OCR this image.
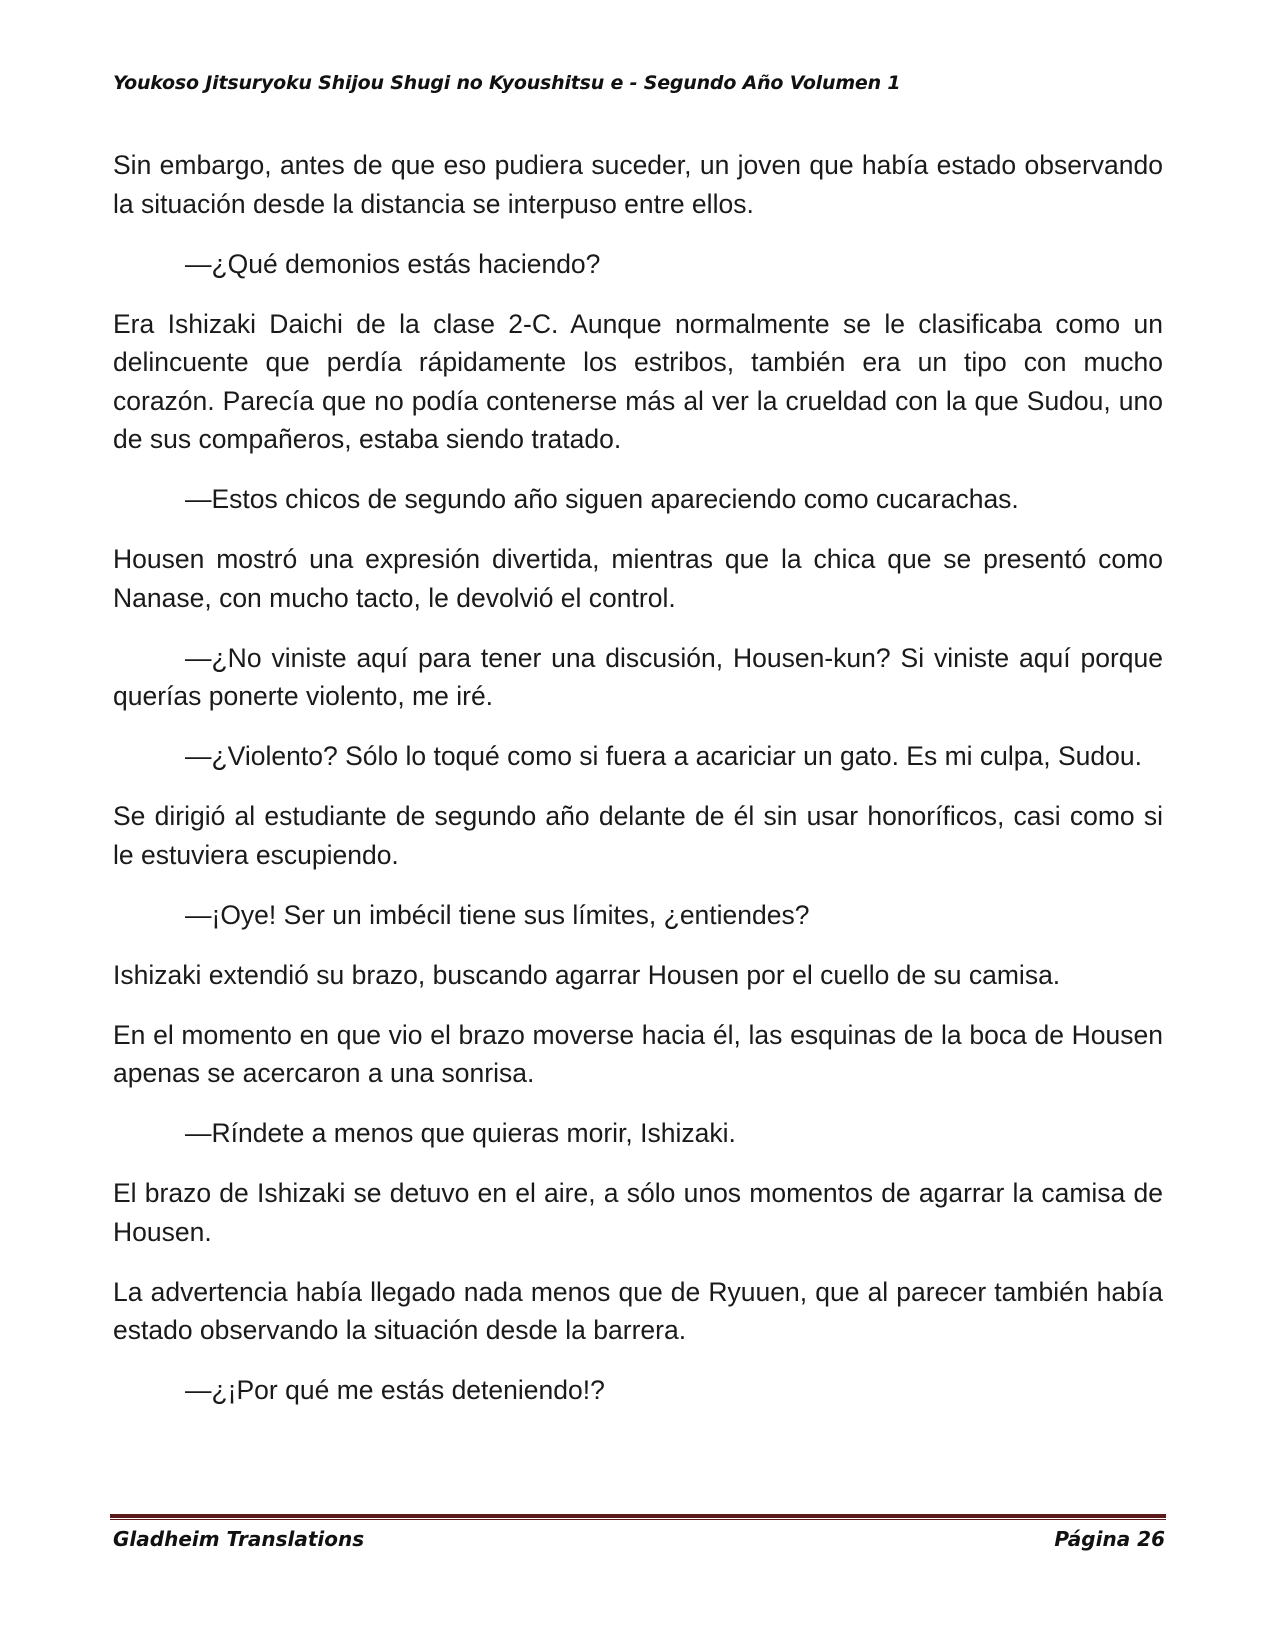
Youkoso Jitsuryoku Shijou Shugi no Kyoushitsu e - Segundo Año Volumen 1

Sin embargo, antes de que eso pudiera suceder, un joven que había estado observando la situación desde la distancia se interpuso entre ellos.

—¿Qué demonios estás haciendo?

Era Ishizaki Daichi de la clase 2-C. Aunque normalmente se le clasificaba como un delincuente que perdía rápidamente los estribos, también era un tipo con mucho corazón. Parecía que no podía contenerse más al ver la crueldad con la que Sudou, uno de sus compañeros, estaba siendo tratado.

—Estos chicos de segundo año siguen apareciendo como cucarachas.

Housen mostró una expresión divertida, mientras que la chica que se presentó como Nanase, con mucho tacto, le devolvió el control.

—¿No viniste aquí para tener una discusión, Housen-kun? Si viniste aquí porque querías ponerte violento, me iré.

—¿Violento? Sólo lo toqué como si fuera a acariciar un gato. Es mi culpa, Sudou.

Se dirigió al estudiante de segundo año delante de él sin usar honoríficos, casi como si le estuviera escupiendo.

—¡Oye! Ser un imbécil tiene sus límites, ¿entiendes?

Ishizaki extendió su brazo, buscando agarrar Housen por el cuello de su camisa.

En el momento en que vio el brazo moverse hacia él, las esquinas de la boca de Housen apenas se acercaron a una sonrisa.

—Ríndete a menos que quieras morir, Ishizaki.

El brazo de Ishizaki se detuvo en el aire, a sólo unos momentos de agarrar la camisa de Housen.

La advertencia había llegado nada menos que de Ryuuen, que al parecer también había estado observando la situación desde la barrera.

—¿¡Por qué me estás deteniendo!?

Gladheim Translations	Página 26
